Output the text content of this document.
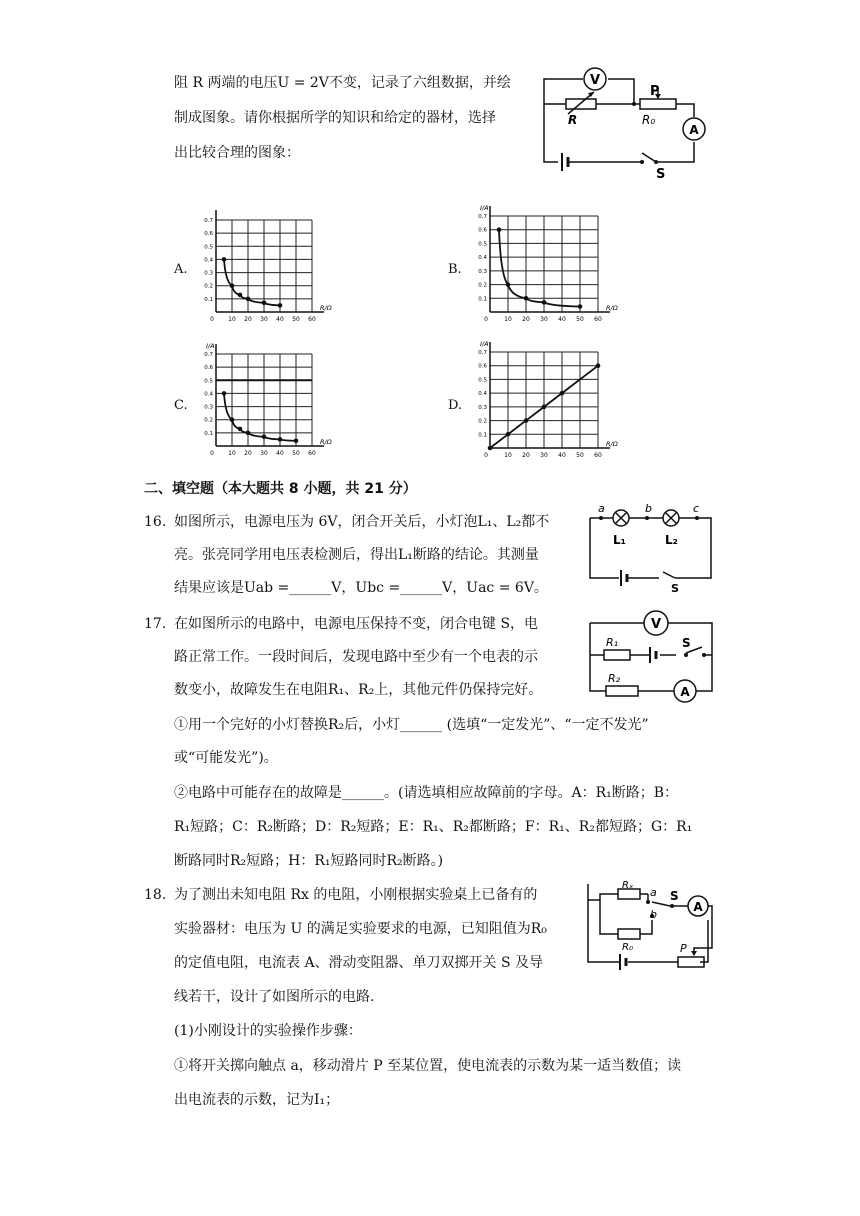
阻 R 两端的电压U = 2V不变，记录了六组数据，并绘
制成图象。请你根据所学的知识和给定的器材，选择
出比较合理的图象：
V
A
P
R	R₀
S
A.
10 20 30 40 50 60
0.1
0.2
0.3
0.4
0.5
0.6
0.7
0
R/Ω
B.
10 20 30 40 50 60
0.1
0.2
0.3
0.4
0.5
0.6
0.7
0
R/Ω
I/A
C.
10 20 30 40 50 60
0.1
0.2
0.3
0.4
0.5
0.6
0.7
0
R/Ω
I/A
D.
10 20 30 40 50 60
0.1
0.2
0.3
0.4
0.5
0.6
0.7
0
R/Ω
I/A
二、填空题（本大题共 8 小题，共 21 分）
16. 如图所示，电源电压为 6V，闭合开关后，小灯泡L₁、L₂都不
亮。张亮同学用电压表检测后，得出L₁断路的结论。其测量
结果应该是Uab =______V，Ubc =______V，Uac = 6V。
a	b	c
L₁	L₂
S
17. 在如图所示的电路中，电源电压保持不变，闭合电键 S，电
路正常工作。一段时间后，发现电路中至少有一个电表的示
数变小，故障发生在电阻R₁、R₂上，其他元件仍保持完好。
①用一个完好的小灯替换R₂后，小灯______ (选填“一定发光”、“一定不发光”
或“可能发光”)。
②电路中可能存在的故障是______。(请选填相应故障前的字母。A：R₁断路；B：
R₁短路；C：R₂断路；D：R₂短路；E：R₁、R₂都断路；F：R₁、R₂都短路；G：R₁
断路同时R₂短路；H：R₁短路同时R₂断路。)
V
R₁
R₂
S
A
18. 为了测出未知电阻 Rx 的电阻，小刚根据实验桌上已备有的
实验器材：电压为 U 的满足实验要求的电源，已知阻值为R₀
的定值电阻，电流表 A、滑动变阻器、单刀双掷开关 S 及导
线若干，设计了如图所示的电路.
(1)小刚设计的实验操作步骤：
①将开关掷向触点 a，移动滑片 P 至某位置，使电流表的示数为某一适当数值；读
出电流表的示数，记为I₁；
Rₓ
R₀
a
b
S
A
P
